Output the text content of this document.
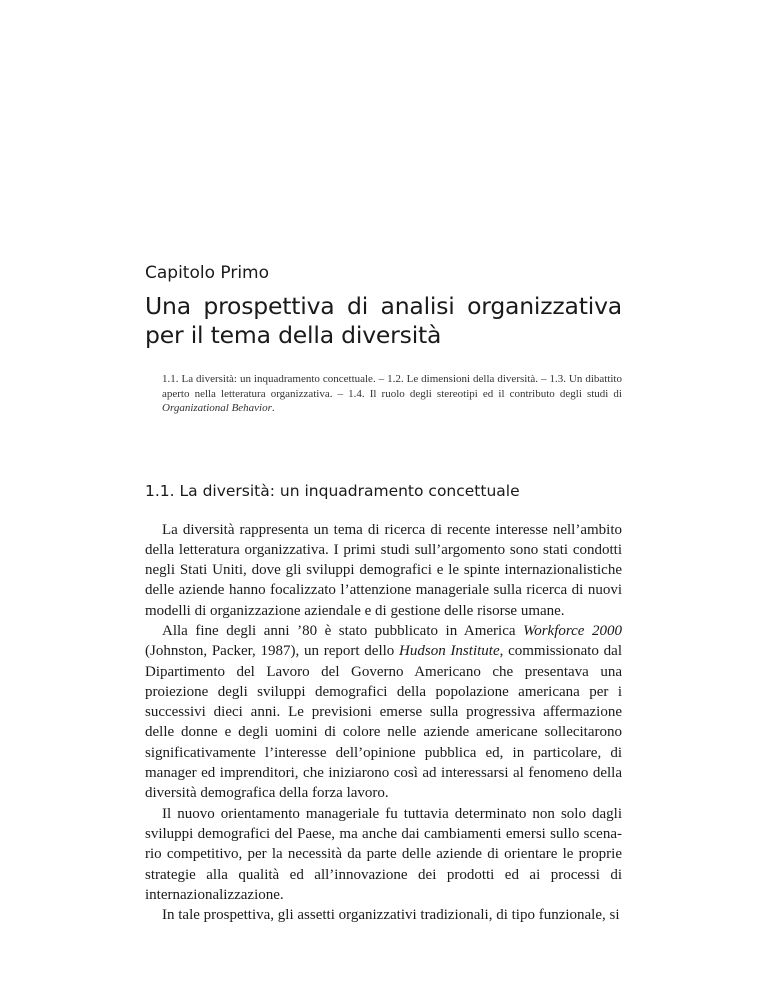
Capitolo Primo

Una prospettiva di analisi organizzativa per il tema della diversità

1.1. La diversità: un inquadramento concettuale. – 1.2. Le dimensioni della diversità. – 1.3. Un dibattito aperto nella letteratura organizzativa. – 1.4. Il ruolo degli stereotipi ed il contributo degli studi di Organizational Behavior.

1.1. La diversità: un inquadramento concettuale

La diversità rappresenta un tema di ricerca di recente interesse nell’ambito della letteratura organizzativa. I primi studi sull’argomento sono stati condotti negli Stati Uniti, dove gli sviluppi demografici e le spinte internazionalistiche delle aziende hanno focalizzato l’attenzione manageriale sulla ricerca di nuovi modelli di organizzazione aziendale e di gestione delle risorse umane.

Alla fine degli anni ’80 è stato pubblicato in America Workforce 2000 (Johnston, Packer, 1987), un report dello Hudson Institute, commissionato dal Dipartimento del Lavoro del Governo Americano che presentava una proiezione degli sviluppi demografici della popolazione americana per i successivi dieci anni. Le previsioni emerse sulla progressiva affermazione delle donne e degli uomini di colore nelle aziende americane sollecitarono significativamente l’interesse dell’opinione pubblica ed, in particolare, di manager ed imprenditori, che iniziarono così ad interessarsi al fenomeno della diversità demografica della forza lavoro.

Il nuovo orientamento manageriale fu tuttavia determinato non solo dagli sviluppi demografici del Paese, ma anche dai cambiamenti emersi sullo scenario competitivo, per la necessità da parte delle aziende di orientare le proprie strategie alla qualità ed all’innovazione dei prodotti ed ai processi di internazionalizzazione.

In tale prospettiva, gli assetti organizzativi tradizionali, di tipo funzionale, si
